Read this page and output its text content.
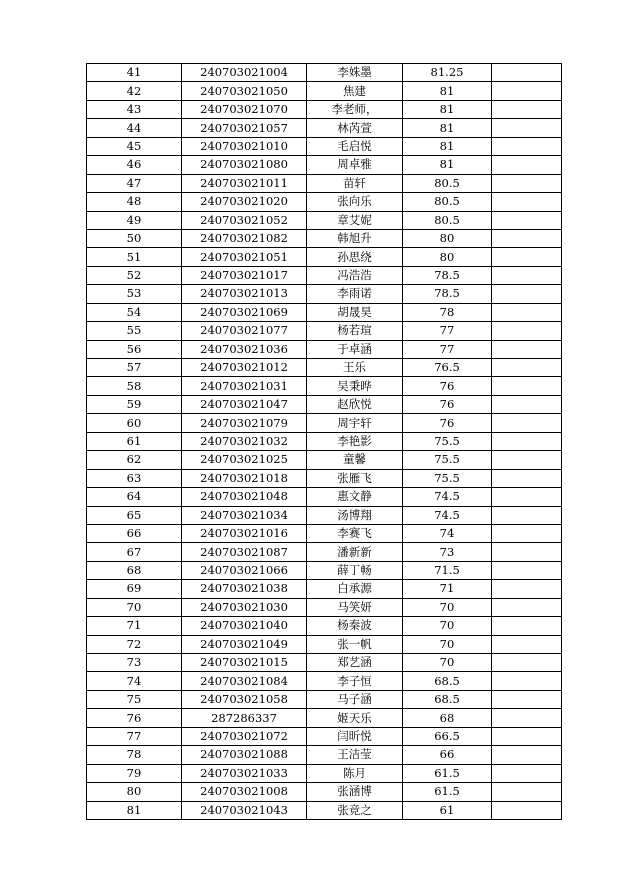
41	240703021004	李姝墨	81.25	
42	240703021050	焦建	81	
43	240703021070	李老师，	81	
44	240703021057	林芮萱	81	
45	240703021010	毛启悦	81	
46	240703021080	周卓雅	81	
47	240703021011	苗轩	80.5	
48	240703021020	张向乐	80.5	
49	240703021052	章艾妮	80.5	
50	240703021082	韩旭升	80	
51	240703021051	孙思绕	80	
52	240703021017	冯浩浩	78.5	
53	240703021013	李雨诺	78.5	
54	240703021069	胡晟昊	78	
55	240703021077	杨若瑄	77	
56	240703021036	于卓涵	77	
57	240703021012	王乐	76.5	
58	240703021031	吴秉晔	76	
59	240703021047	赵欣悦	76	
60	240703021079	周宇轩	76	
61	240703021032	李艳影	75.5	
62	240703021025	童馨	75.5	
63	240703021018	张雁飞	75.5	
64	240703021048	惠文静	74.5	
65	240703021034	汤博翔	74.5	
66	240703021016	李赛飞	74	
67	240703021087	潘新新	73	
68	240703021066	薛丁畅	71.5	
69	240703021038	白承源	71	
70	240703021030	马笑妍	70	
71	240703021040	杨秦波	70	
72	240703021049	张一帆	70	
73	240703021015	郑艺涵	70	
74	240703021084	李子恒	68.5	
75	240703021058	马子涵	68.5	
76	287286337	姬天乐	68	
77	240703021072	闫昕悦	66.5	
78	240703021088	王洁莹	66	
79	240703021033	陈月	61.5	
80	240703021008	张涵博	61.5	
81	240703021043	张竞之	61	
